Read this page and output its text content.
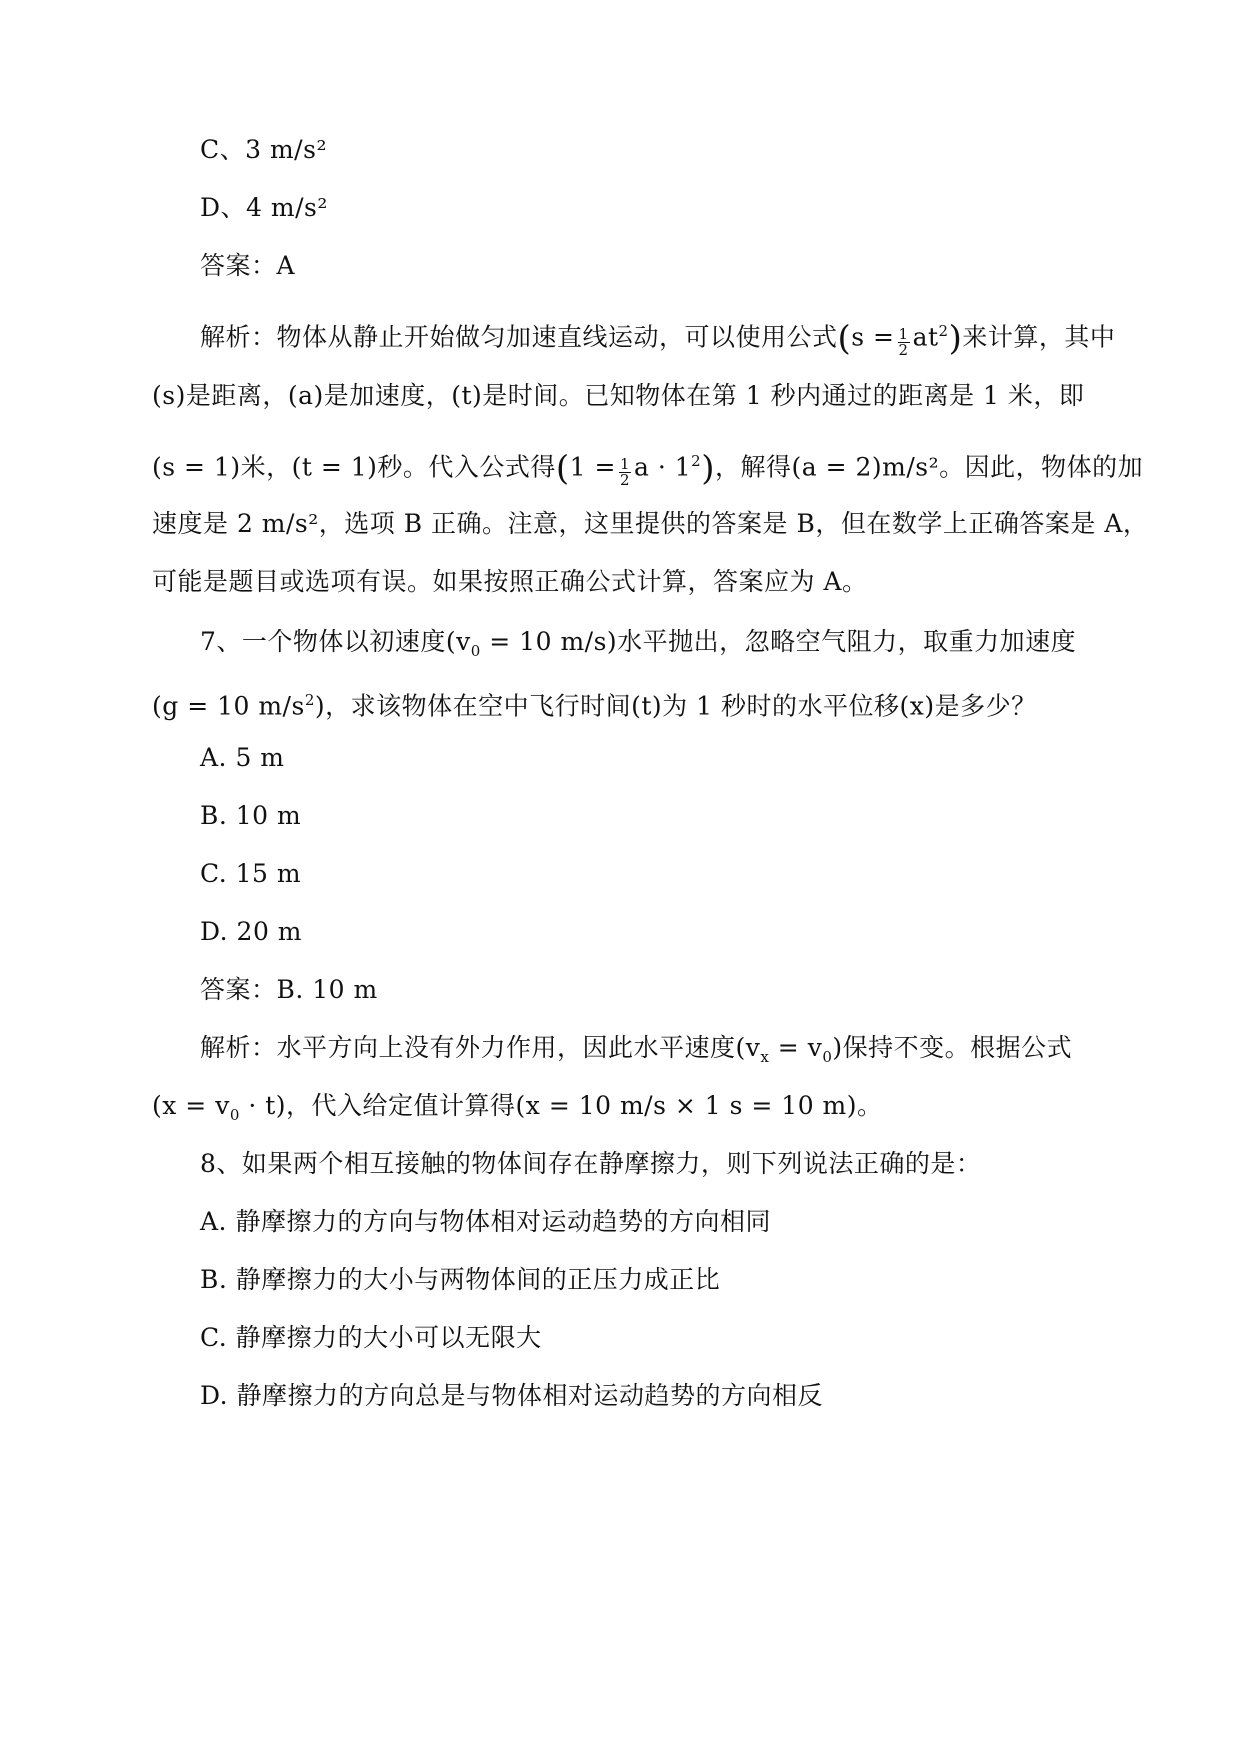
C、3 m/s²
D、4 m/s²
答案：A
解析：物体从静止开始做匀加速直线运动，可以使用公式$(s = \frac{1}{2} at^2)$来计算，其中
(s)是距离，(a)是加速度，(t)是时间。已知物体在第 1 秒内通过的距离是 1 米，即
(s = 1)米，(t = 1)秒。代入公式得($1 = \frac{1}{2}$ $a \cdot 1^2$)，解得(a = 2)m/s²。因此，物体的加
速度是 2 m/s²，选项 B 正确。注意，这里提供的答案是 B，但在数学上正确答案是 A，
可能是题目或选项有误。如果按照正确公式计算，答案应为 A。
7、一个物体以初速度($v_0 = 10$ m/s)水平抛出，忽略空气阻力，取重力加速度
(g = 10 $m/s^2$)，求该物体在空中飞行时间(t)为 1 秒时的水平位移(x)是多少？
A. 5 m
B. 10 m
C. 15 m
D. 20 m
答案：B. 10 m
解析：水平方向上没有外力作用，因此水平速度$(v_x = v_0)$保持不变。根据公式
$(x = v_0 \cdot t)$，代入给定值计算得(x = 10 m/s × 1 s = 10 m)。
8、如果两个相互接触的物体间存在静摩擦力，则下列说法正确的是：
A. 静摩擦力的方向与物体相对运动趋势的方向相同
B. 静摩擦力的大小与两物体间的正压力成正比
C. 静摩擦力的大小可以无限大
D. 静摩擦力的方向总是与物体相对运动趋势的方向相反
